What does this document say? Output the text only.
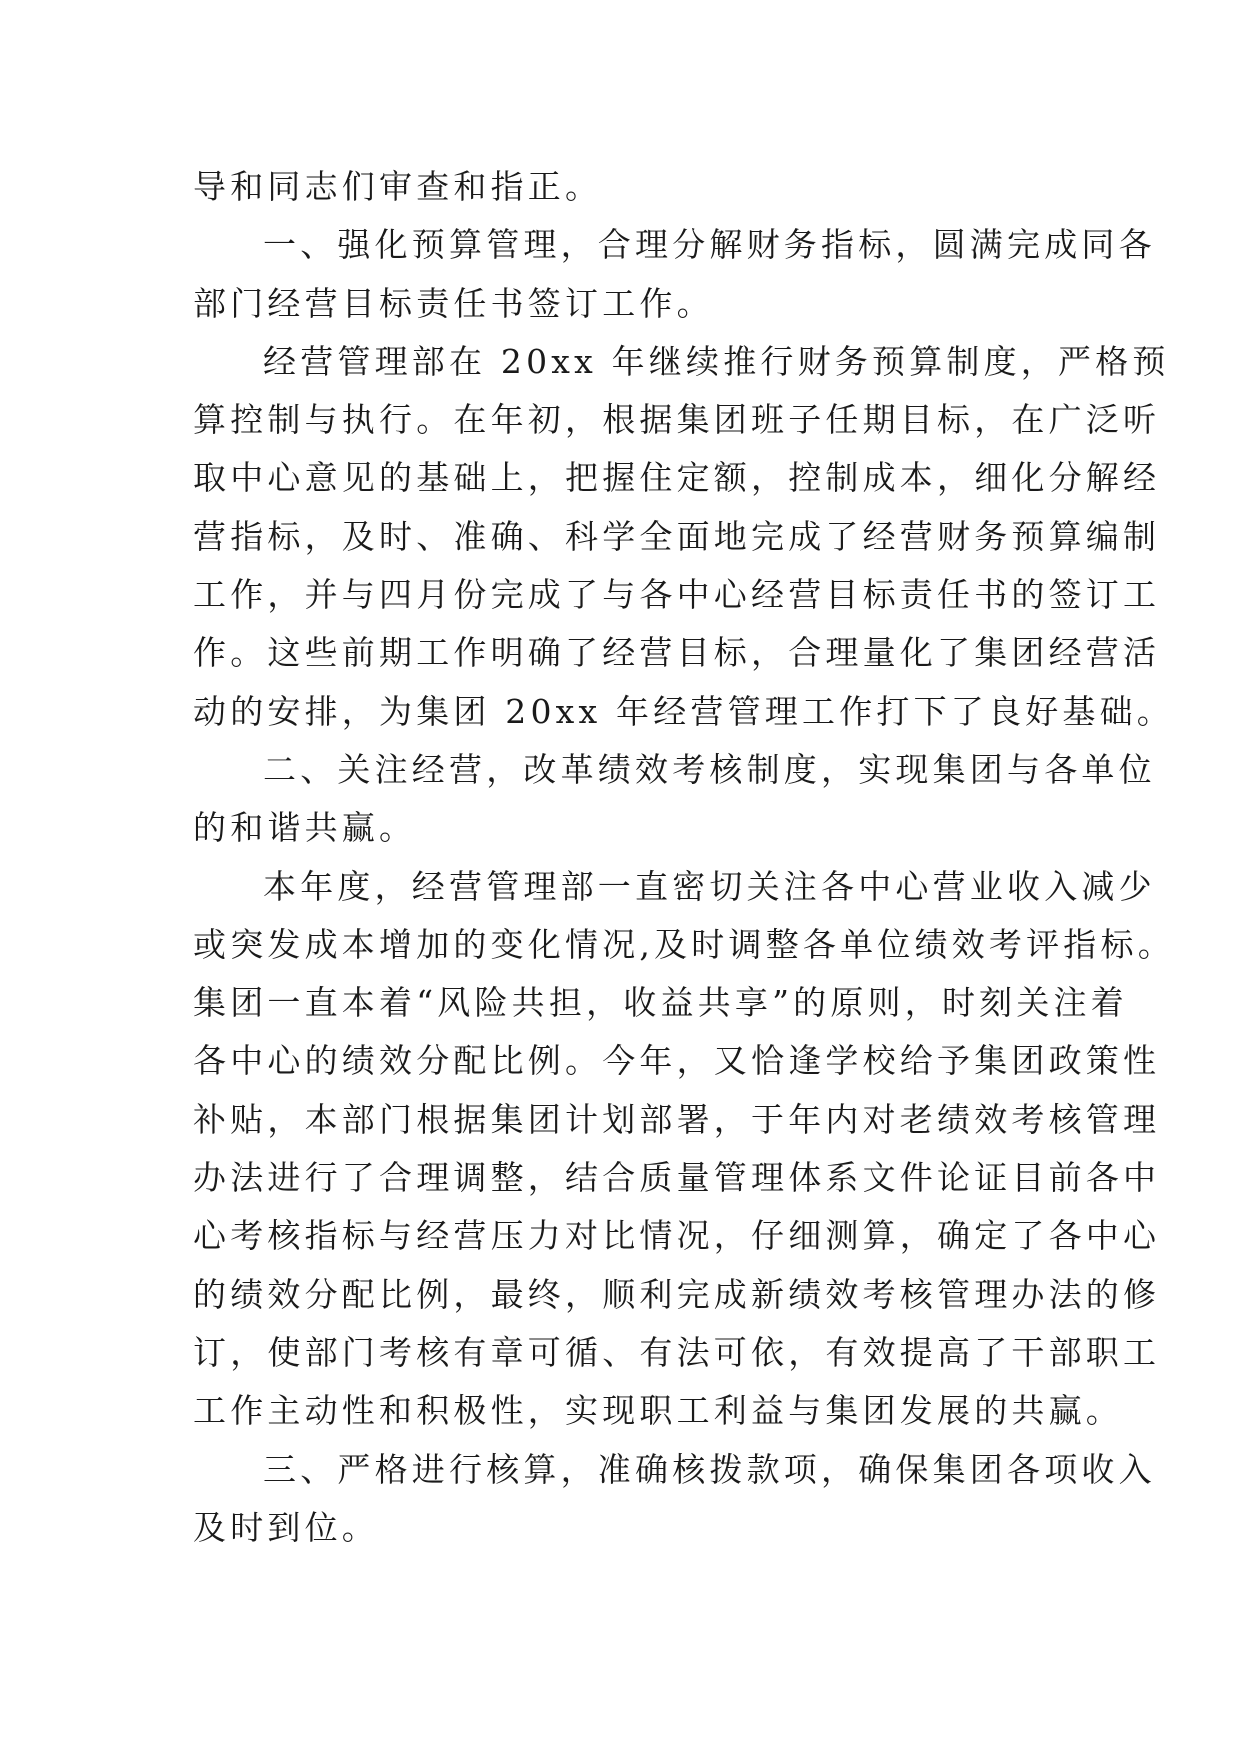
导和同志们审查和指正。
一、强化预算管理，合理分解财务指标，圆满完成同各
部门经营目标责任书签订工作。
经营管理部在 20xx 年继续推行财务预算制度，严格预
算控制与执行。在年初，根据集团班子任期目标，在广泛听
取中心意见的基础上，把握住定额，控制成本，细化分解经
营指标，及时、准确、科学全面地完成了经营财务预算编制
工作，并与四月份完成了与各中心经营目标责任书的签订工
作。这些前期工作明确了经营目标，合理量化了集团经营活
动的安排，为集团 20xx 年经营管理工作打下了良好基础。
二、关注经营，改革绩效考核制度，实现集团与各单位
的和谐共赢。
本年度，经营管理部一直密切关注各中心营业收入减少
或突发成本增加的变化情况,及时调整各单位绩效考评指标。
集团一直本着“风险共担，收益共享”的原则，时刻关注着
各中心的绩效分配比例。今年，又恰逢学校给予集团政策性
补贴，本部门根据集团计划部署，于年内对老绩效考核管理
办法进行了合理调整，结合质量管理体系文件论证目前各中
心考核指标与经营压力对比情况，仔细测算，确定了各中心
的绩效分配比例，最终，顺利完成新绩效考核管理办法的修
订，使部门考核有章可循、有法可依，有效提高了干部职工
工作主动性和积极性，实现职工利益与集团发展的共赢。
三、严格进行核算，准确核拨款项，确保集团各项收入
及时到位。
